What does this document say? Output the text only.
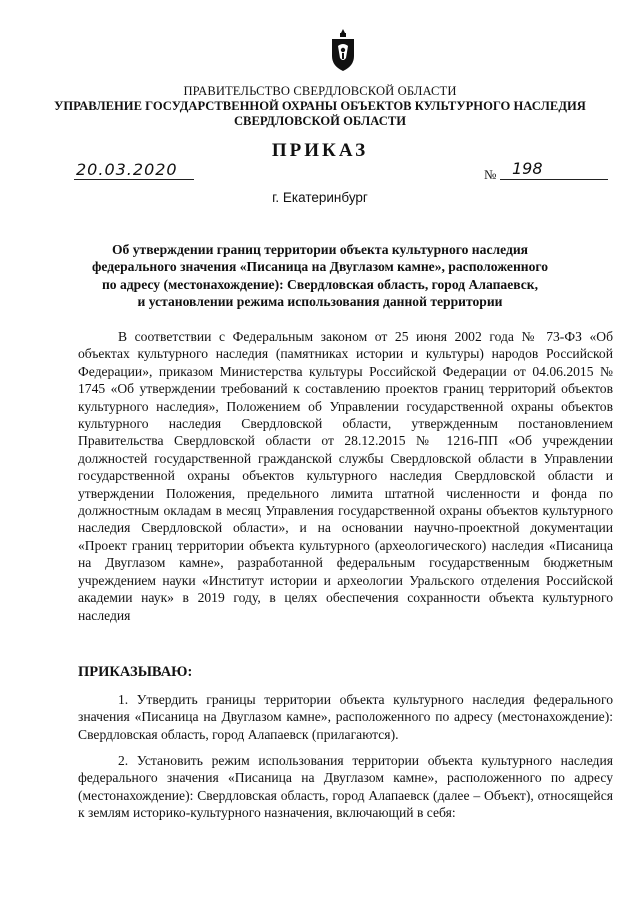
ПРАВИТЕЛЬСТВО СВЕРДЛОВСКОЙ ОБЛАСТИ
УПРАВЛЕНИЕ ГОСУДАРСТВЕННОЙ ОХРАНЫ ОБЪЕКТОВ КУЛЬТУРНОГО НАСЛЕДИЯ
СВЕРДЛОВСКОЙ ОБЛАСТИ
ПРИКАЗ
20.03.2020	№ 198
г. Екатеринбург
Об утверждении границ территории объекта культурного наследия
федерального значения «Писаница на Двуглазом камне», расположенного
по адресу (местонахождение): Свердловская область, город Алапаевск,
и установлении режима использования данной территории

В соответствии с Федеральным законом от 25 июня 2002 года № 73-ФЗ «Об объектах культурного наследия (памятниках истории и культуры) народов Российской Федерации», приказом Министерства культуры Российской Федерации от 04.06.2015 № 1745 «Об утверждении требований к составлению проектов границ территорий объектов культурного наследия», Положением об Управлении государственной охраны объектов культурного наследия Свердловской области, утвержденным постановлением Правительства Свердловской области от 28.12.2015 № 1216-ПП «Об учреждении должностей государственной гражданской службы Свердловской области в Управлении государственной охраны объектов культурного наследия Свердловской области и утверждении Положения, предельного лимита штатной численности и фонда по должностным окладам в месяц Управления государственной охраны объектов культурного наследия Свердловской области», и на основании научно-проектной документации «Проект границ территории объекта культурного (археологического) наследия «Писаница на Двуглазом камне», разработанной федеральным государственным бюджетным учреждением науки «Институт истории и археологии Уральского отделения Российской академии наук» в 2019 году, в целях обеспечения сохранности объекта культурного наследия

ПРИКАЗЫВАЮ:

1. Утвердить границы территории объекта культурного наследия федерального значения «Писаница на Двуглазом камне», расположенного по адресу (местонахождение): Свердловская область, город Алапаевск (прилагаются).

2. Установить режим использования территории объекта культурного наследия федерального значения «Писаница на Двуглазом камне», расположенного по адресу (местонахождение): Свердловская область, город Алапаевск (далее – Объект), относящейся к землям историко-культурного назначения, включающий в себя:
